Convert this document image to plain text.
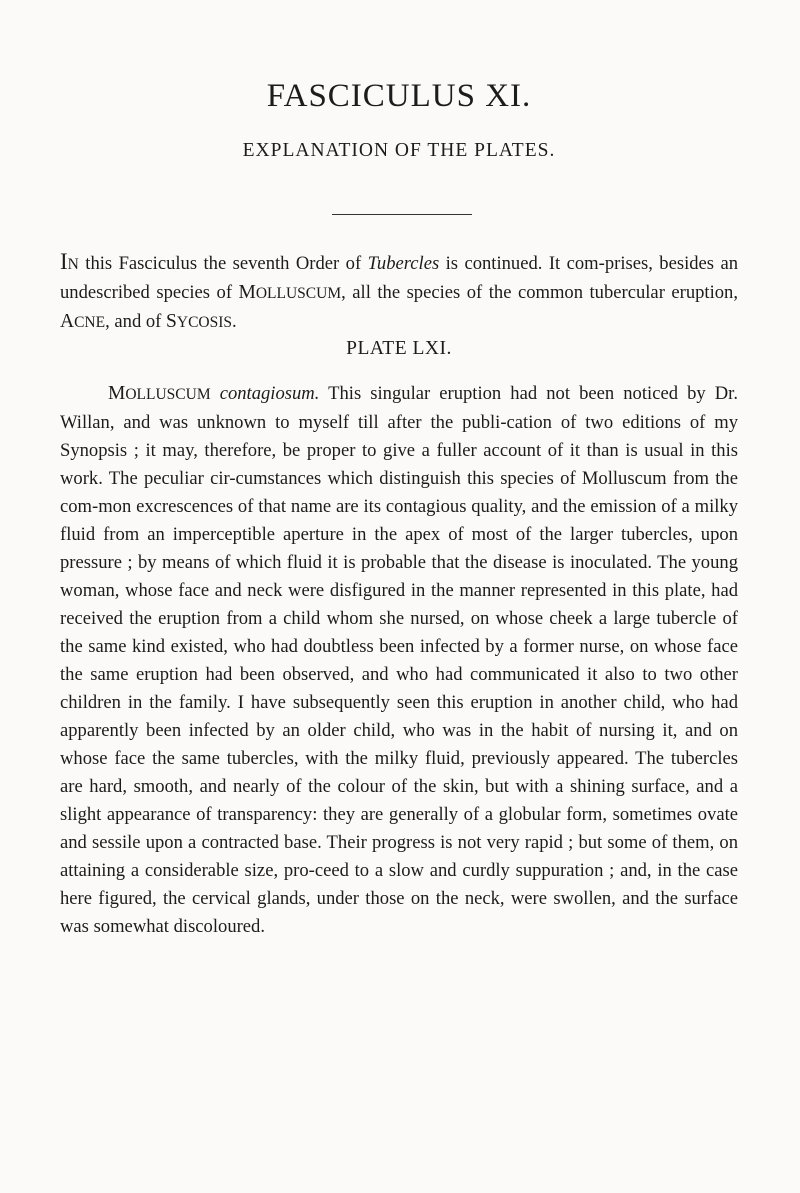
FASCICULUS XI.
EXPLANATION OF THE PLATES.

IN this Fasciculus the seventh Order of Tubercles is continued. It com-prises, besides an undescribed species of MOLLUSCUM, all the species of the common tubercular eruption, ACNE, and of SYCOSIS.

PLATE LXI.

MOLLUSCUM contagiosum. This singular eruption had not been noticed by Dr. Willan, and was unknown to myself till after the publi-cation of two editions of my Synopsis ; it may, therefore, be proper to give a fuller account of it than is usual in this work. The peculiar cir-cumstances which distinguish this species of Molluscum from the com-mon excrescences of that name are its contagious quality, and the emission of a milky fluid from an imperceptible aperture in the apex of most of the larger tubercles, upon pressure ; by means of which fluid it is probable that the disease is inoculated. The young woman, whose face and neck were disfigured in the manner represented in this plate, had received the eruption from a child whom she nursed, on whose cheek a large tubercle of the same kind existed, who had doubtless been infected by a former nurse, on whose face the same eruption had been observed, and who had communicated it also to two other children in the family. I have subsequently seen this eruption in another child, who had apparently been infected by an older child, who was in the habit of nursing it, and on whose face the same tubercles, with the milky fluid, previously appeared. The tubercles are hard, smooth, and nearly of the colour of the skin, but with a shining surface, and a slight appearance of transparency: they are generally of a globular form, sometimes ovate and sessile upon a contracted base. Their progress is not very rapid ; but some of them, on attaining a considerable size, pro-ceed to a slow and curdly suppuration ; and, in the case here figured, the cervical glands, under those on the neck, were swollen, and the surface was somewhat discoloured.
